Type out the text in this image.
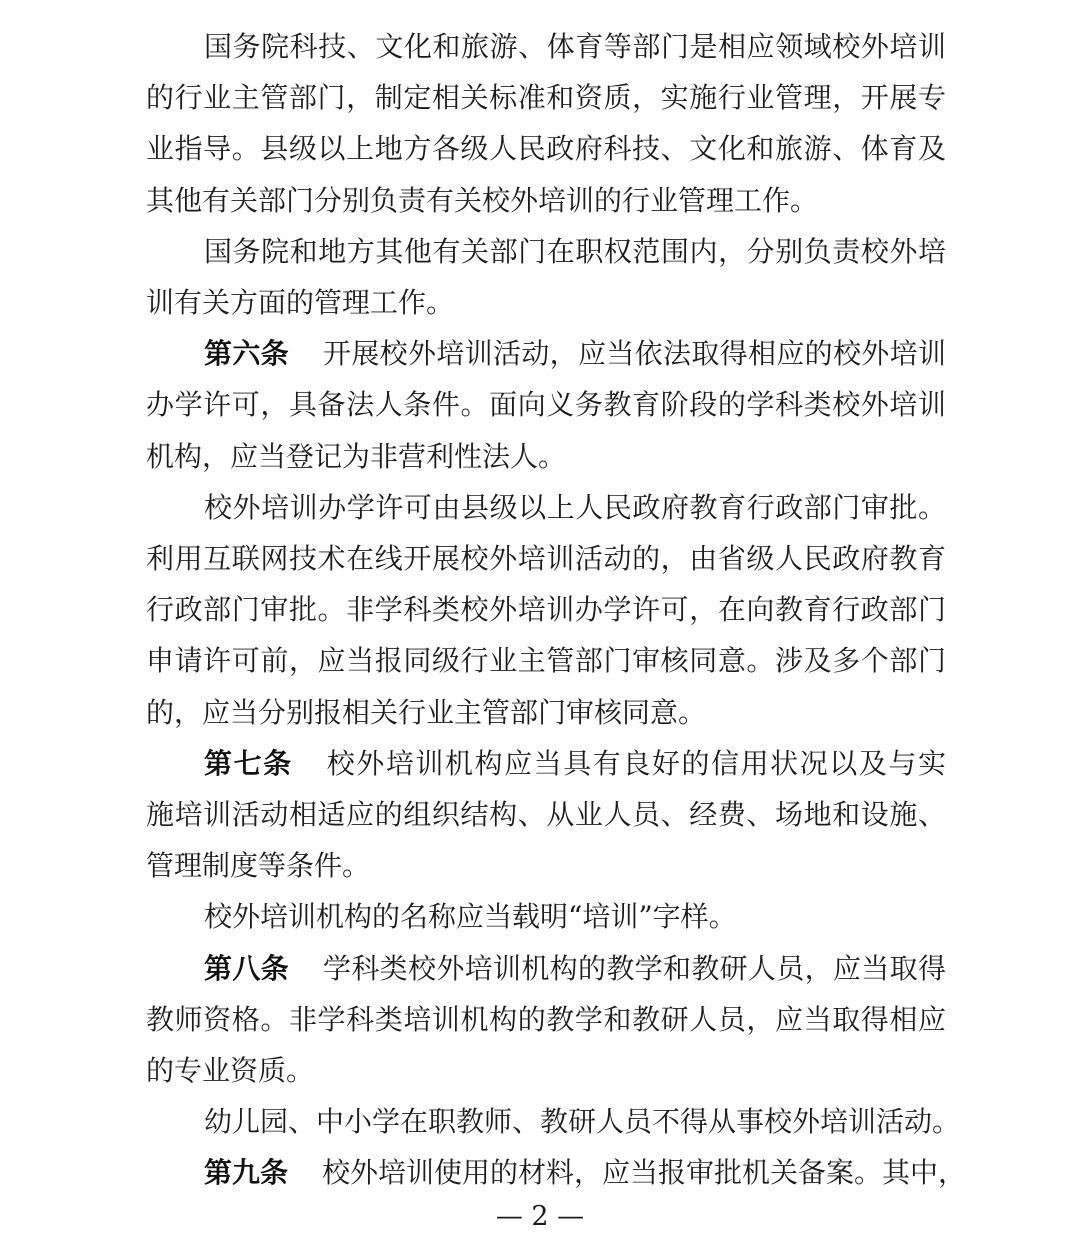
国务院科技、文化和旅游、体育等部门是相应领域校外培训
的行业主管部门，制定相关标准和资质，实施行业管理，开展专
业指导。县级以上地方各级人民政府科技、文化和旅游、体育及
其他有关部门分别负责有关校外培训的行业管理工作。
国务院和地方其他有关部门在职权范围内，分别负责校外培
训有关方面的管理工作。
第六条 开展校外培训活动，应当依法取得相应的校外培训
办学许可，具备法人条件。面向义务教育阶段的学科类校外培训
机构，应当登记为非营利性法人。
校外培训办学许可由县级以上人民政府教育行政部门审批。
利用互联网技术在线开展校外培训活动的，由省级人民政府教育
行政部门审批。非学科类校外培训办学许可，在向教育行政部门
申请许可前，应当报同级行业主管部门审核同意。涉及多个部门
的，应当分别报相关行业主管部门审核同意。
第七条 校外培训机构应当具有良好的信用状况以及与实
施培训活动相适应的组织结构、从业人员、经费、场地和设施、
管理制度等条件。
校外培训机构的名称应当载明“培训”字样。
第八条 学科类校外培训机构的教学和教研人员，应当取得
教师资格。非学科类培训机构的教学和教研人员，应当取得相应
的专业资质。
幼儿园、中小学在职教师、教研人员不得从事校外培训活动。
第九条 校外培训使用的材料，应当报审批机关备案。其中，
— 2 —
